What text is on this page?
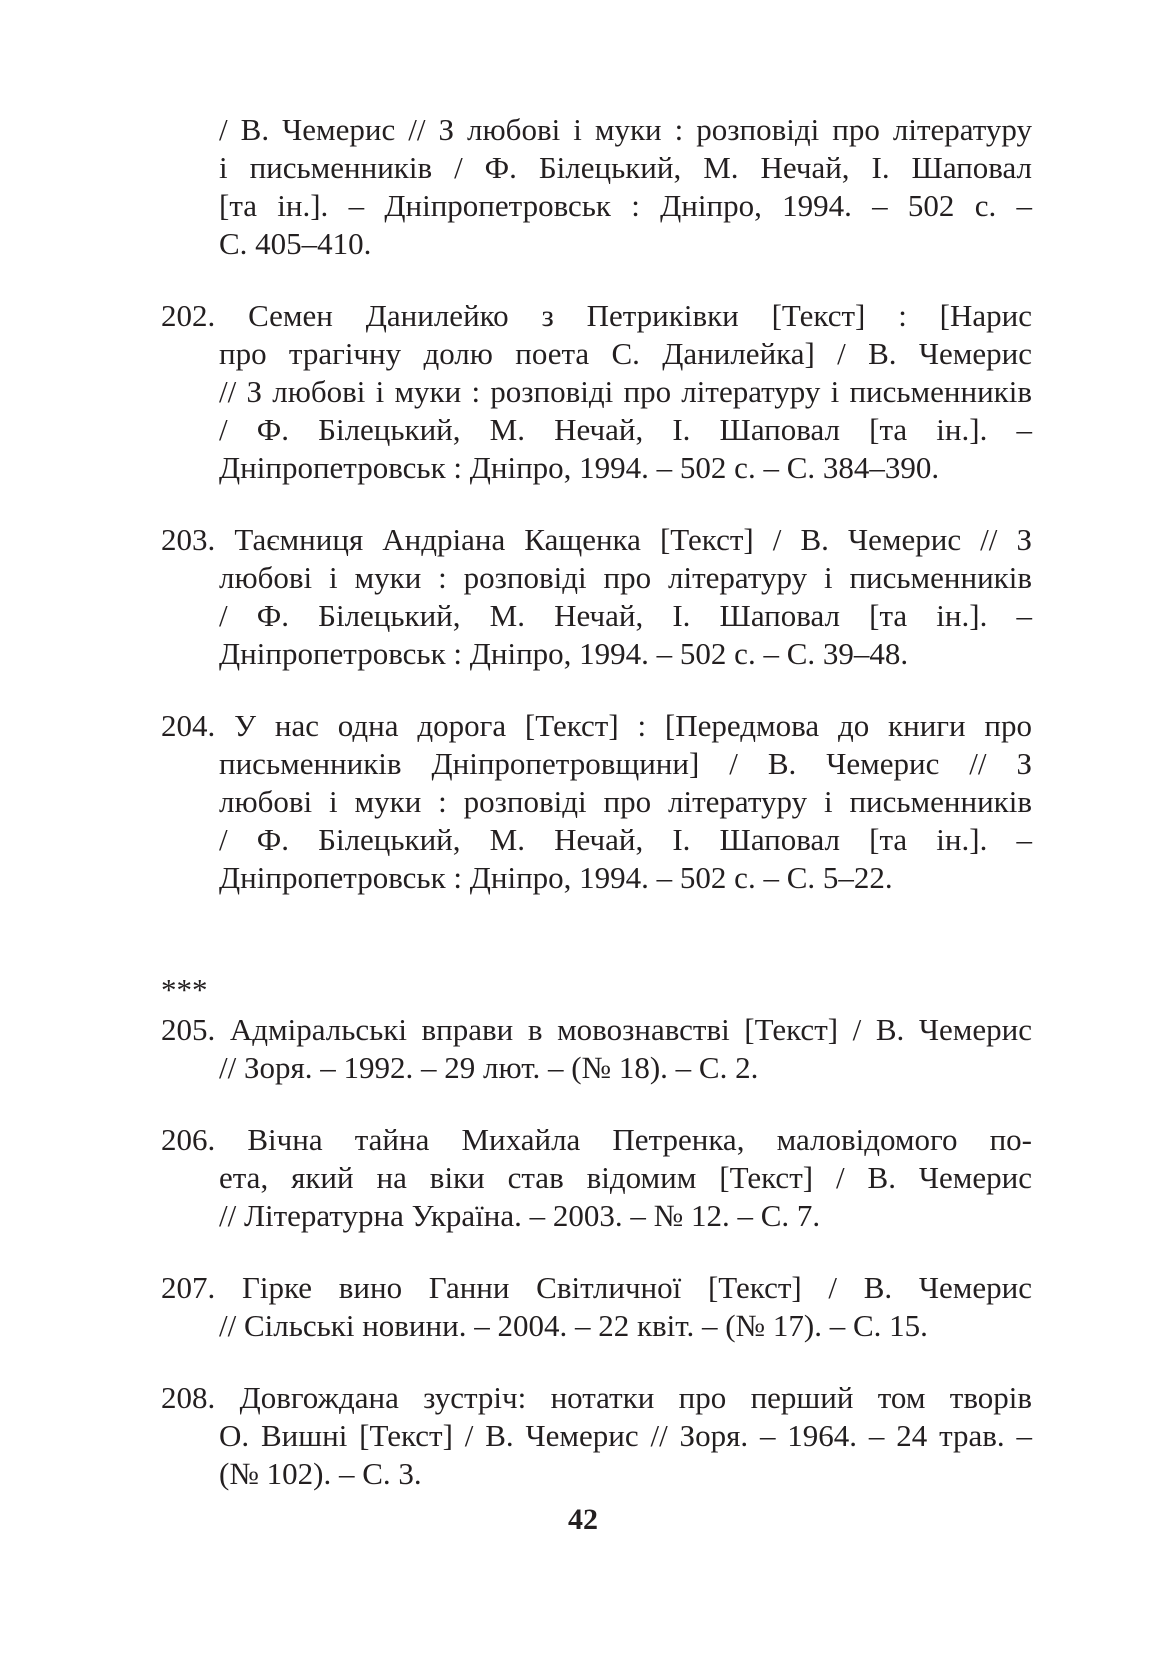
/ В. Чемерис // З любові і муки : розповіді про літературу
і письменників / Ф. Білецький, М. Нечай, І. Шаповал
[та ін.]. – Дніпропетровськ : Дніпро, 1994. – 502 с. –
С. 405–410.
202. Семен Данилейко з Петриківки [Текст] : [Нарис
про трагічну долю поета С. Данилейка] / В. Чемерис
// З любові і муки : розповіді про літературу і письменників
/ Ф. Білецький, М. Нечай, І. Шаповал [та ін.]. –
Дніпропетровськ : Дніпро, 1994. – 502 с. – С. 384–390.
203. Таємниця Андріана Кащенка [Текст] / В. Чемерис // З
любові і муки : розповіді про літературу і письменників
/ Ф. Білецький, М. Нечай, І. Шаповал [та ін.]. –
Дніпропетровськ : Дніпро, 1994. – 502 с. – С. 39–48.
204. У нас одна дорога [Текст] : [Передмова до книги про
письменників Дніпропетровщини] / В. Чемерис // З
любові і муки : розповіді про літературу і письменників
/ Ф. Білецький, М. Нечай, І. Шаповал [та ін.]. –
Дніпропетровськ : Дніпро, 1994. – 502 с. – С. 5–22.
***
205. Адміральські вправи в мовознавстві [Текст] / В. Чемерис
// Зоря. – 1992. – 29 лют. – (№ 18). – С. 2.
206. Вічна тайна Михайла Петренка, маловідомого по-
ета, який на віки став відомим [Текст] / В. Чемерис
// Літературна Україна. – 2003. – № 12. – С. 7.
207. Гірке вино Ганни Світличної [Текст] / В. Чемерис
// Сільські новини. – 2004. – 22 квіт. – (№ 17). – С. 15.
208. Довгождана зустріч: нотатки про перший том творів
О. Вишні [Текст] / В. Чемерис // Зоря. – 1964. – 24 трав. –
(№ 102). – С. 3.
42
